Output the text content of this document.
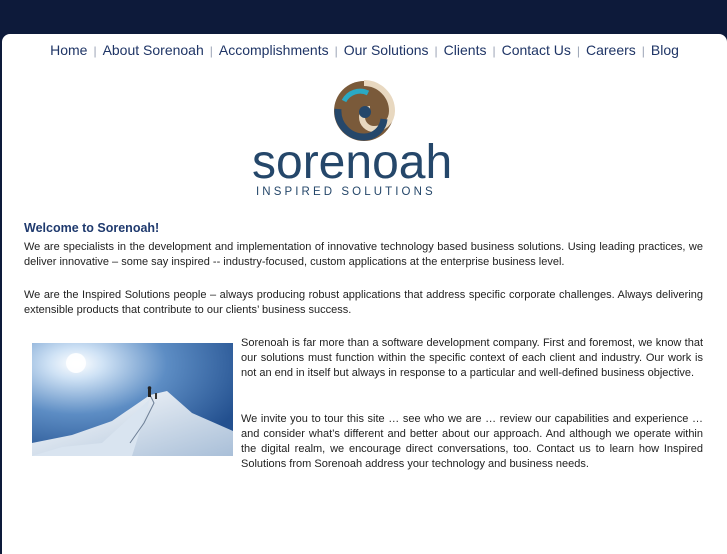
Home | About Sorenoah | Accomplishments | Our Solutions | Clients | Contact Us | Careers | Blog
sorenoah
INSPIRED SOLUTIONS
Welcome to Sorenoah!

We are specialists in the development and implementation of innovative technology based business solutions. Using leading practices, we deliver innovative – some say inspired -- industry-focused, custom applications at the enterprise business level.

We are the Inspired Solutions people – always producing robust applications that address specific corporate challenges. Always delivering extensible products that contribute to our clients’ business success.

Sorenoah is far more than a software development company. First and foremost, we know that our solutions must function within the specific context of each client and industry. Our work is not an end in itself but always in response to a particular and well-defined business objective.

We invite you to tour this site … see who we are … review our capabilities and experience … and consider what’s different and better about our approach. And although we operate within the digital realm, we encourage direct conversations, too. Contact us to learn how Inspired Solutions from Sorenoah address your technology and business needs.
